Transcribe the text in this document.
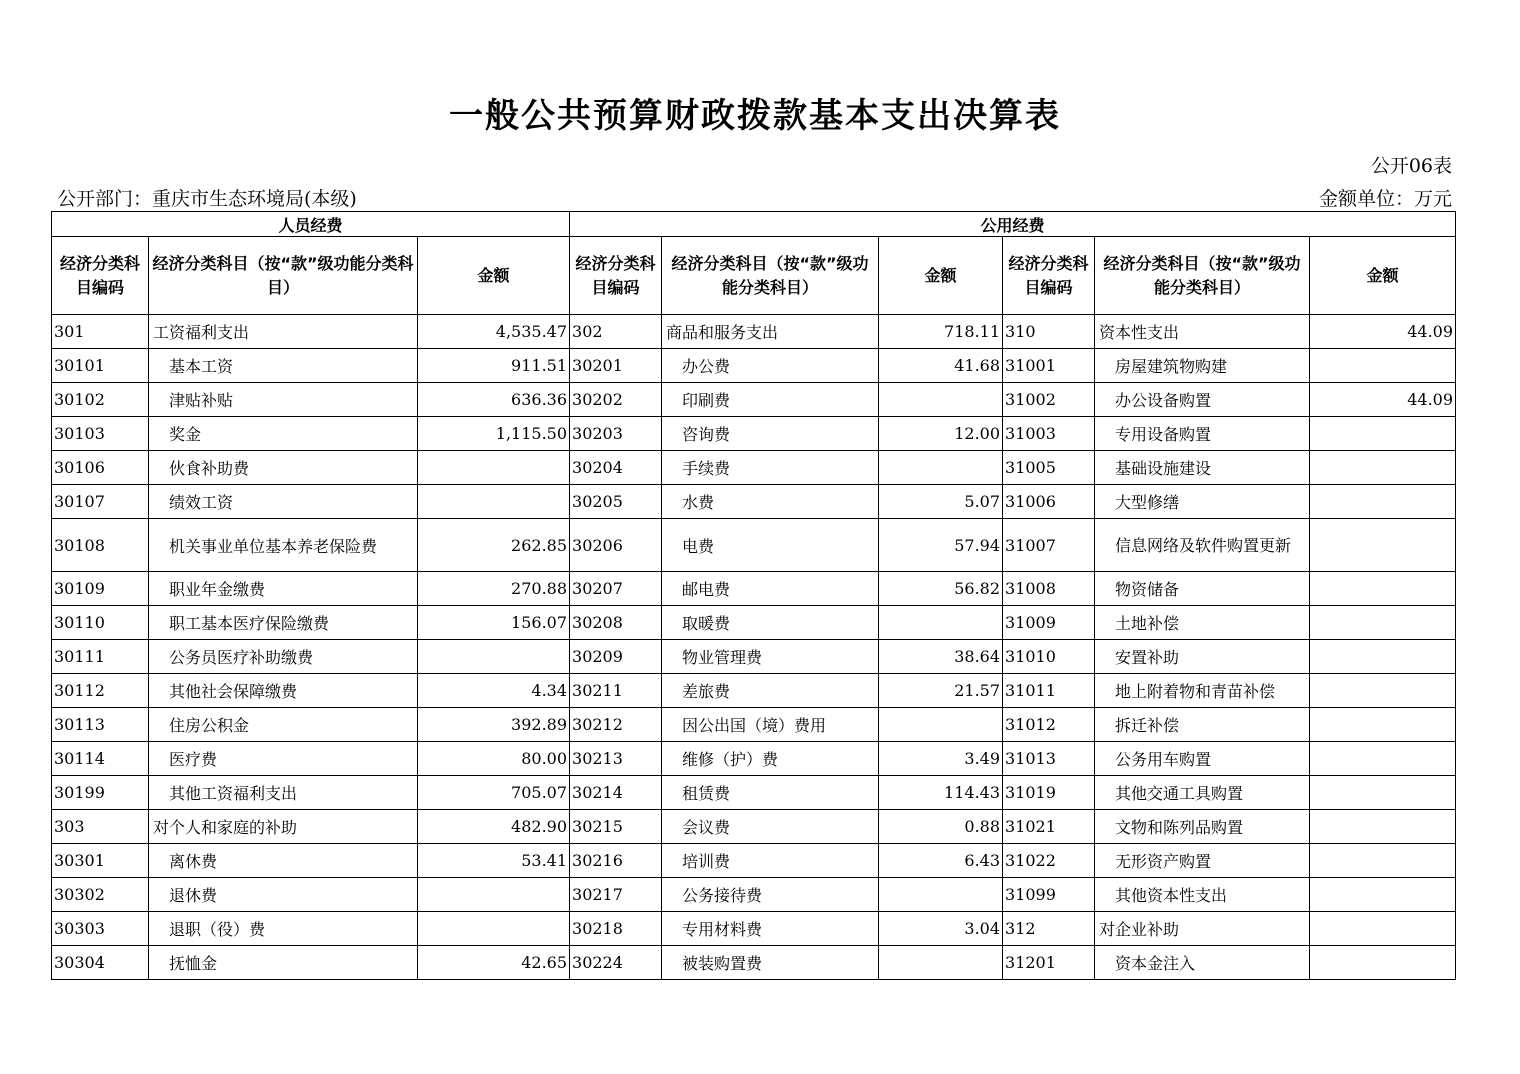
一般公共预算财政拨款基本支出决算表
公开06表
公开部门：重庆市生态环境局(本级)	金额单位：万元
人员经费			公用经费					
经济分类科目编码	经济分类科目（按“款”级功能分类科目）	金额	经济分类科目编码	经济分类科目（按“款”级功能分类科目）	金额	经济分类科目编码	经济分类科目（按“款”级功能分类科目）	金额
301	工资福利支出	4,535.47	302	商品和服务支出	718.11	310	资本性支出	44.09
30101	基本工资	911.51	30201	办公费	41.68	31001	房屋建筑物购建	
30102	津贴补贴	636.36	30202	印刷费		31002	办公设备购置	44.09
30103	奖金	1,115.50	30203	咨询费	12.00	31003	专用设备购置	
30106	伙食补助费		30204	手续费		31005	基础设施建设	
30107	绩效工资		30205	水费	5.07	31006	大型修缮	
30108	机关事业单位基本养老保险费	262.85	30206	电费	57.94	31007	信息网络及软件购置更新	
30109	职业年金缴费	270.88	30207	邮电费	56.82	31008	物资储备	
30110	职工基本医疗保险缴费	156.07	30208	取暖费		31009	土地补偿	
30111	公务员医疗补助缴费		30209	物业管理费	38.64	31010	安置补助	
30112	其他社会保障缴费	4.34	30211	差旅费	21.57	31011	地上附着物和青苗补偿	
30113	住房公积金	392.89	30212	因公出国（境）费用		31012	拆迁补偿	
30114	医疗费	80.00	30213	维修（护）费	3.49	31013	公务用车购置	
30199	其他工资福利支出	705.07	30214	租赁费	114.43	31019	其他交通工具购置	
303	对个人和家庭的补助	482.90	30215	会议费	0.88	31021	文物和陈列品购置	
30301	离休费	53.41	30216	培训费	6.43	31022	无形资产购置	
30302	退休费		30217	公务接待费		31099	其他资本性支出	
30303	退职（役）费		30218	专用材料费	3.04	312	对企业补助	
30304	抚恤金	42.65	30224	被装购置费		31201	资本金注入	
